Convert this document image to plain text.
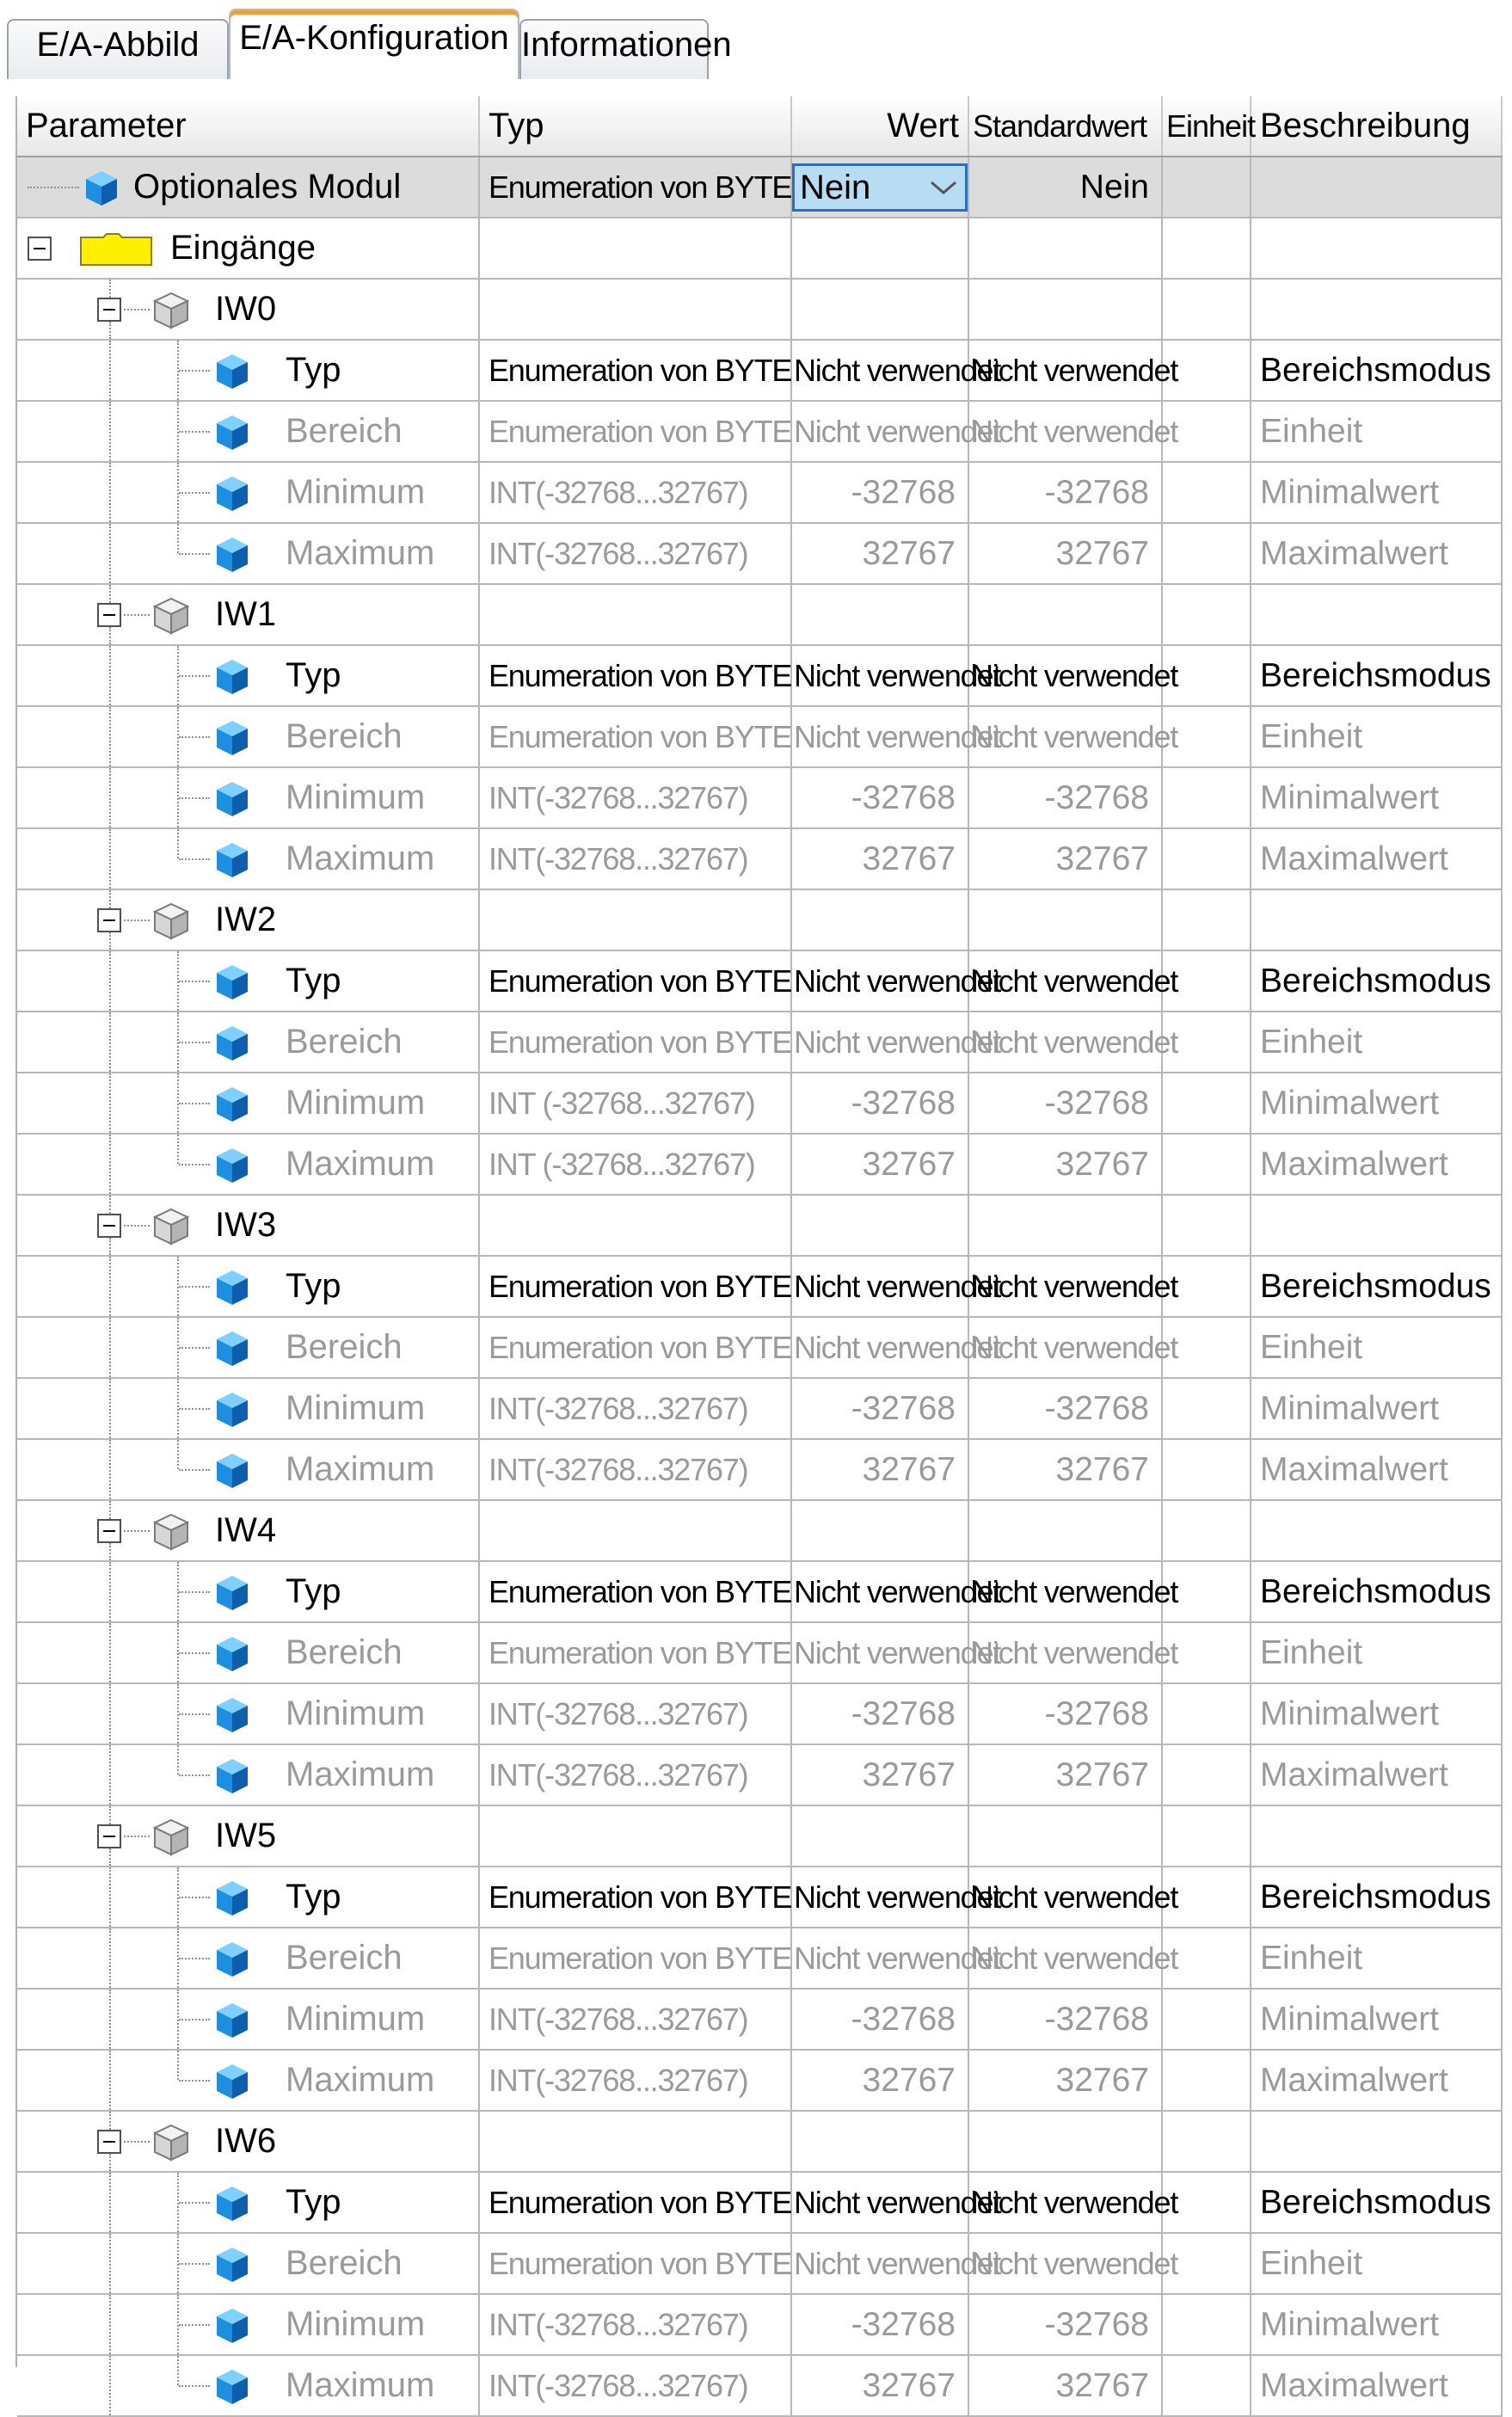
E/A-Abbild	E/A-Konfiguration Informationen
Parameter	Typ	Wert	Standardwert	Einheit	Beschreibung

Optionales Modul	Enumeration von BYTE	Nein	Nein		

Eingänge					

IW0					

Typ	Enumeration von BYTE	Nicht verwendet	Nicht verwendet		Bereichsmodus

Bereich	Enumeration von BYTE	Nicht verwendet	Nicht verwendet		Einheit

Minimum	INT(-32768...32767)	-32768	-32768		Minimalwert

Maximum	INT(-32768...32767)	32767	32767		Maximalwert

IW1					

Typ	Enumeration von BYTE	Nicht verwendet	Nicht verwendet		Bereichsmodus

Bereich	Enumeration von BYTE	Nicht verwendet	Nicht verwendet		Einheit

Minimum	INT(-32768...32767)	-32768	-32768		Minimalwert

Maximum	INT(-32768...32767)	32767	32767		Maximalwert

IW2					

Typ	Enumeration von BYTE	Nicht verwendet	Nicht verwendet		Bereichsmodus

Bereich	Enumeration von BYTE	Nicht verwendet	Nicht verwendet		Einheit

Minimum	INT (-32768...32767)	-32768	-32768		Minimalwert

Maximum	INT (-32768...32767)	32767	32767		Maximalwert

IW3					

Typ	Enumeration von BYTE	Nicht verwendet	Nicht verwendet		Bereichsmodus

Bereich	Enumeration von BYTE	Nicht verwendet	Nicht verwendet		Einheit

Minimum	INT(-32768...32767)	-32768	-32768		Minimalwert

Maximum	INT(-32768...32767)	32767	32767		Maximalwert

IW4					

Typ	Enumeration von BYTE	Nicht verwendet	Nicht verwendet		Bereichsmodus

Bereich	Enumeration von BYTE	Nicht verwendet	Nicht verwendet		Einheit

Minimum	INT(-32768...32767)	-32768	-32768		Minimalwert

Maximum	INT(-32768...32767)	32767	32767		Maximalwert

IW5					

Typ	Enumeration von BYTE	Nicht verwendet	Nicht verwendet		Bereichsmodus

Bereich	Enumeration von BYTE	Nicht verwendet	Nicht verwendet		Einheit

Minimum	INT(-32768...32767)	-32768	-32768		Minimalwert

Maximum	INT(-32768...32767)	32767	32767		Maximalwert

IW6					

Typ	Enumeration von BYTE	Nicht verwendet	Nicht verwendet		Bereichsmodus

Bereich	Enumeration von BYTE	Nicht verwendet	Nicht verwendet		Einheit

Minimum	INT(-32768...32767)	-32768	-32768		Minimalwert

Maximum	INT(-32768...32767)	32767	32767		Maximalwert
